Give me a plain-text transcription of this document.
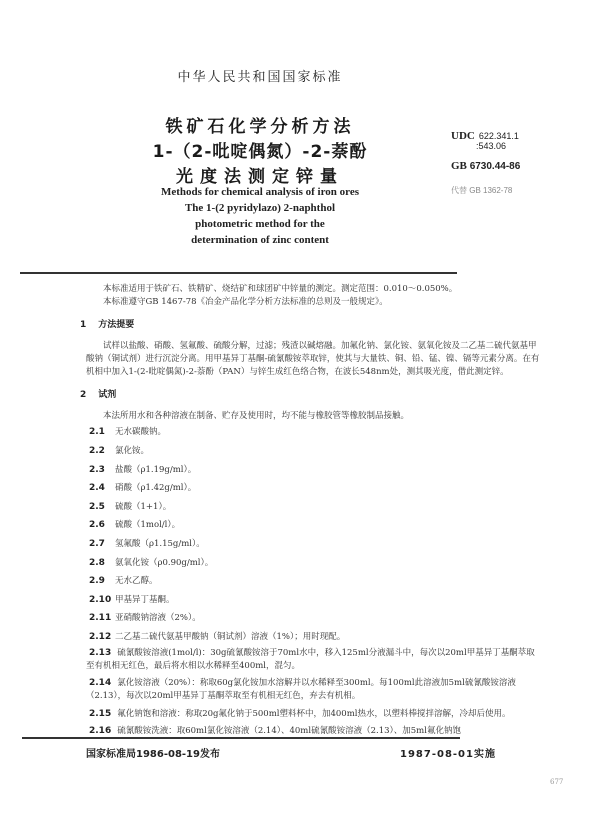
中华人民共和国国家标准
铁矿石化学分析方法
1-（2-吡啶偶氮）-2-萘酚
光度法测定锌量
UDC 622.341.1
:543.06
GB 6730.44-86
代替 GB 1362-78
Methods for chemical analysis of iron ores
The 1-(2 pyridylazo) 2-naphthol
photometric method for the
determination of zinc content

本标准适用于铁矿石、铁精矿、烧结矿和球团矿中锌量的测定。测定范围：0.010～0.050%。

本标准遵守GB 1467-78《冶金产品化学分析方法标准的总则及一般规定》。

1 方法提要

试样以盐酸、硝酸、氢氟酸、硫酸分解，过滤；残渣以碱熔融。加氟化钠、氯化铵、氨氧化铵及二乙基二硫代氨基甲酸钠（铜试剂）进行沉淀分离。用甲基异丁基酮-硫氰酸铵萃取锌，使其与大量铁、铜、铅、锰、镍、镉等元素分离。在有机相中加入1-(2-吡啶偶氮)-2-萘酚（PAN）与锌生成红色络合物，在波长548nm处，测其吸光度，借此测定锌。

2 试剂

本法所用水和各种溶液在制备、贮存及使用时，均不能与橡胶管等橡胶制品接触。

2.1 无水碳酸钠。
2.2 氯化铵。
2.3 盐酸（ρ1.19g/ml）。
2.4 硝酸（ρ1.42g/ml）。
2.5 硫酸（1+1）。
2.6 硫酸（1mol/l）。
2.7 氢氟酸（ρ1.15g/ml）。
2.8 氨氧化铵（ρ0.90g/ml）。
2.9 无水乙醇。
2.10 甲基异丁基酮。
2.11 亚硝酸钠溶液（2%）。
2.12 二乙基二硫代氨基甲酸钠（铜试剂）溶液（1%）；用时现配。

2.13 硫氰酸铵溶液(1mol/l)：30g硫氰酸铵溶于70ml水中，移入125ml分液漏斗中，每次以20ml甲基异丁基酮萃取至有机相无红色，最后将水相以水稀释至400ml，混匀。

2.14 氯化铵溶液（20%）：称取60g氯化铵加水溶解并以水稀释至300ml。每100ml此溶液加5ml硫氰酸铵溶液（2.13），每次以20ml甲基异丁基酮萃取至有机相无红色，弃去有机相。

2.15 氟化钠饱和溶液：称取20g氟化钠于500ml塑料杯中，加400ml热水，以塑料棒搅拌溶解，冷却后使用。

2.16 硫氰酸铵洗液：取60ml氯化铵溶液（2.14）、40ml硫氰酸铵溶液（2.13）、加5ml氟化钠饱

国家标准局1986-08-19发布	1987-08-01实施
677
